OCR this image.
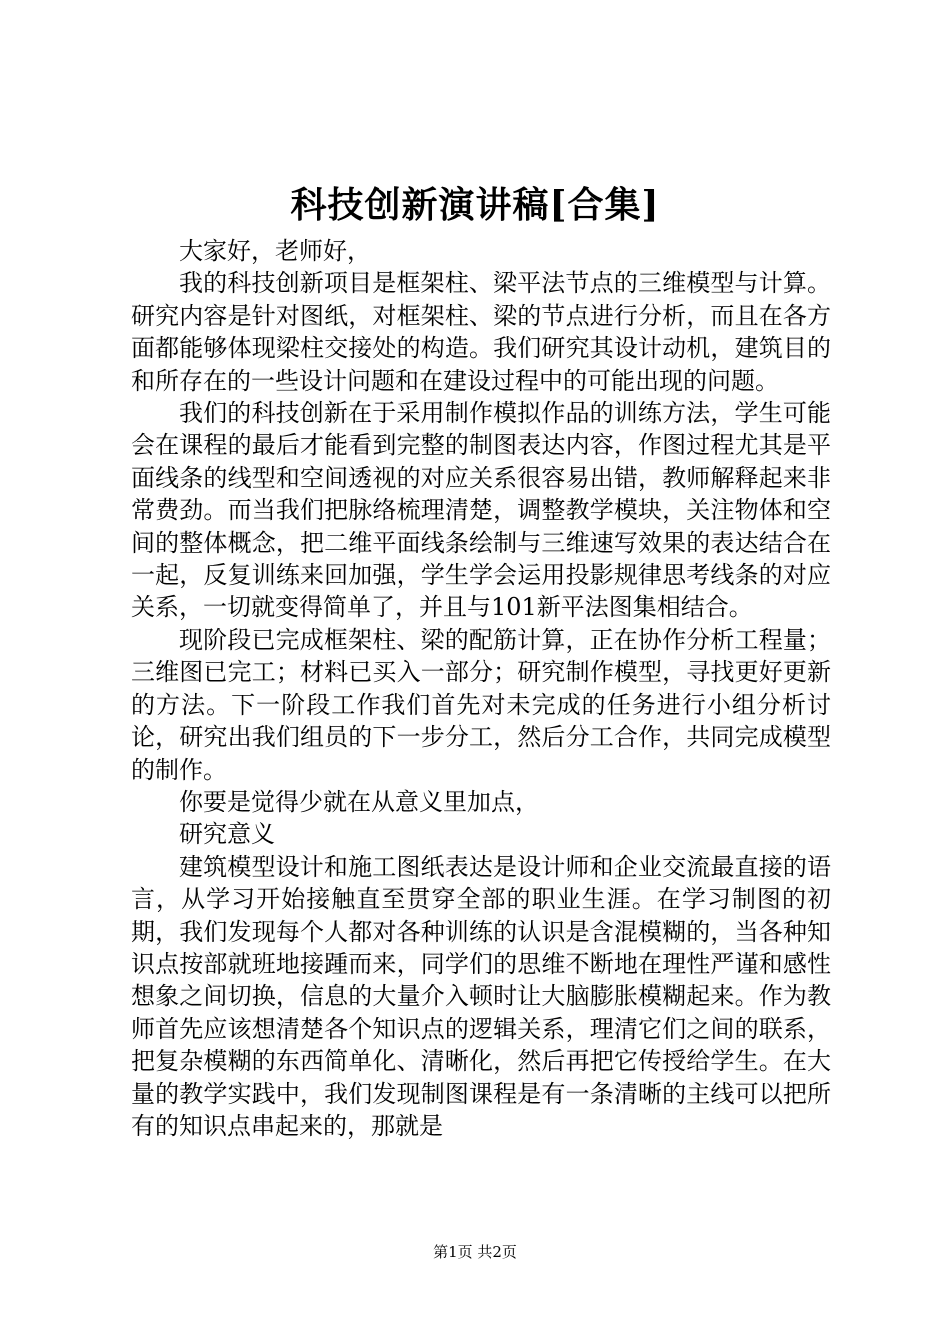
科技创新演讲稿[合集]

大家好，老师好，

我的科技创新项目是框架柱、梁平法节点的三维模型与计算。研究内容是针对图纸，对框架柱、梁的节点进行分析，而且在各方面都能够体现梁柱交接处的构造。我们研究其设计动机，建筑目的和所存在的一些设计问题和在建设过程中的可能出现的问题。

我们的科技创新在于采用制作模拟作品的训练方法，学生可能会在课程的最后才能看到完整的制图表达内容，作图过程尤其是平面线条的线型和空间透视的对应关系很容易出错，教师解释起来非常费劲。而当我们把脉络梳理清楚，调整教学模块，关注物体和空间的整体概念，把二维平面线条绘制与三维速写效果的表达结合在一起，反复训练来回加强，学生学会运用投影规律思考线条的对应关系，一切就变得简单了，并且与101新平法图集相结合。

现阶段已完成框架柱、梁的配筋计算，正在协作分析工程量；三维图已完工；材料已买入一部分；研究制作模型，寻找更好更新的方法。下一阶段工作我们首先对未完成的任务进行小组分析讨论，研究出我们组员的下一步分工，然后分工合作，共同完成模型的制作。

你要是觉得少就在从意义里加点，

研究意义

建筑模型设计和施工图纸表达是设计师和企业交流最直接的语言，从学习开始接触直至贯穿全部的职业生涯。在学习制图的初期，我们发现每个人都对各种训练的认识是含混模糊的，当各种知识点按部就班地接踵而来，同学们的思维不断地在理性严谨和感性想象之间切换，信息的大量介入顿时让大脑膨胀模糊起来。作为教师首先应该想清楚各个知识点的逻辑关系，理清它们之间的联系，把复杂模糊的东西简单化、清晰化，然后再把它传授给学生。在大量的教学实践中，我们发现制图课程是有一条清晰的主线可以把所有的知识点串起来的，那就是

第1页 共2页
